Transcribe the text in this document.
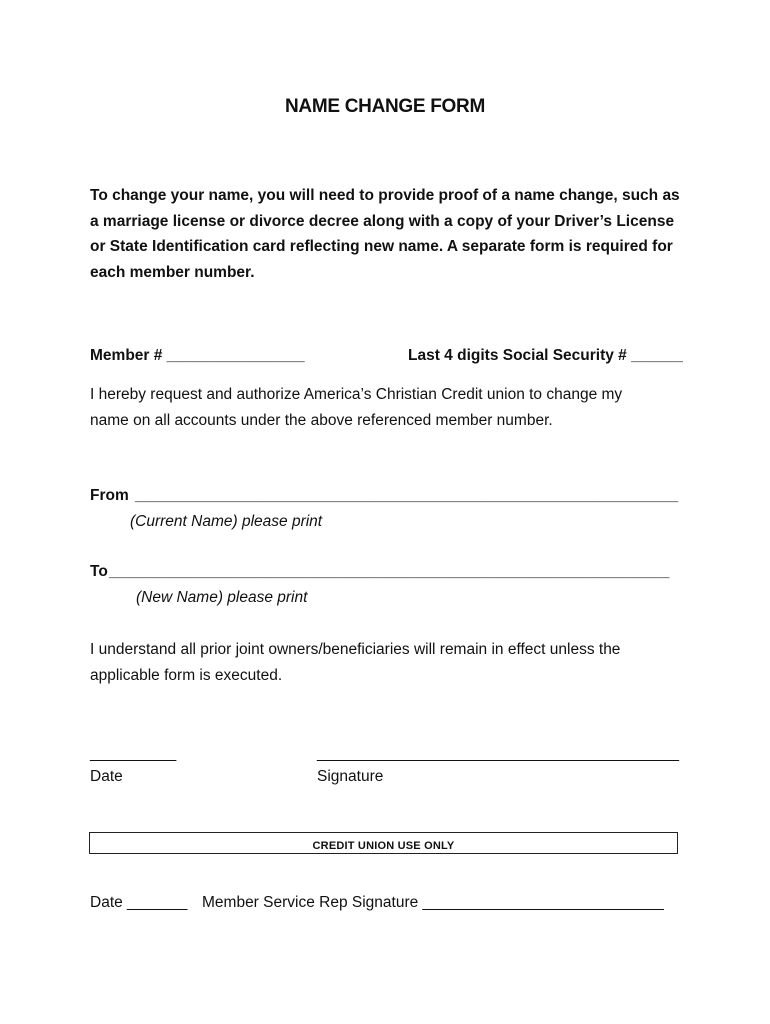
NAME CHANGE FORM
To change your name, you will need to provide proof of a name change, such as
a marriage license or divorce decree along with a copy of your Driver’s License
or State Identification card reflecting new name. A separate form is required for
each member number.
Member # ________________	Last 4 digits Social Security # ______
I hereby request and authorize America’s Christian Credit union to change my
name on all accounts under the above referenced member number.
From _______________________________________________________________
(Current Name) please print
To _________________________________________________________________
(New Name) please print
I understand all prior joint owners/beneficiaries will remain in effect unless the
applicable form is executed.
__________	__________________________________________
Date	Signature
CREDIT UNION USE ONLY
Date _______ Member Service Rep Signature ____________________________
